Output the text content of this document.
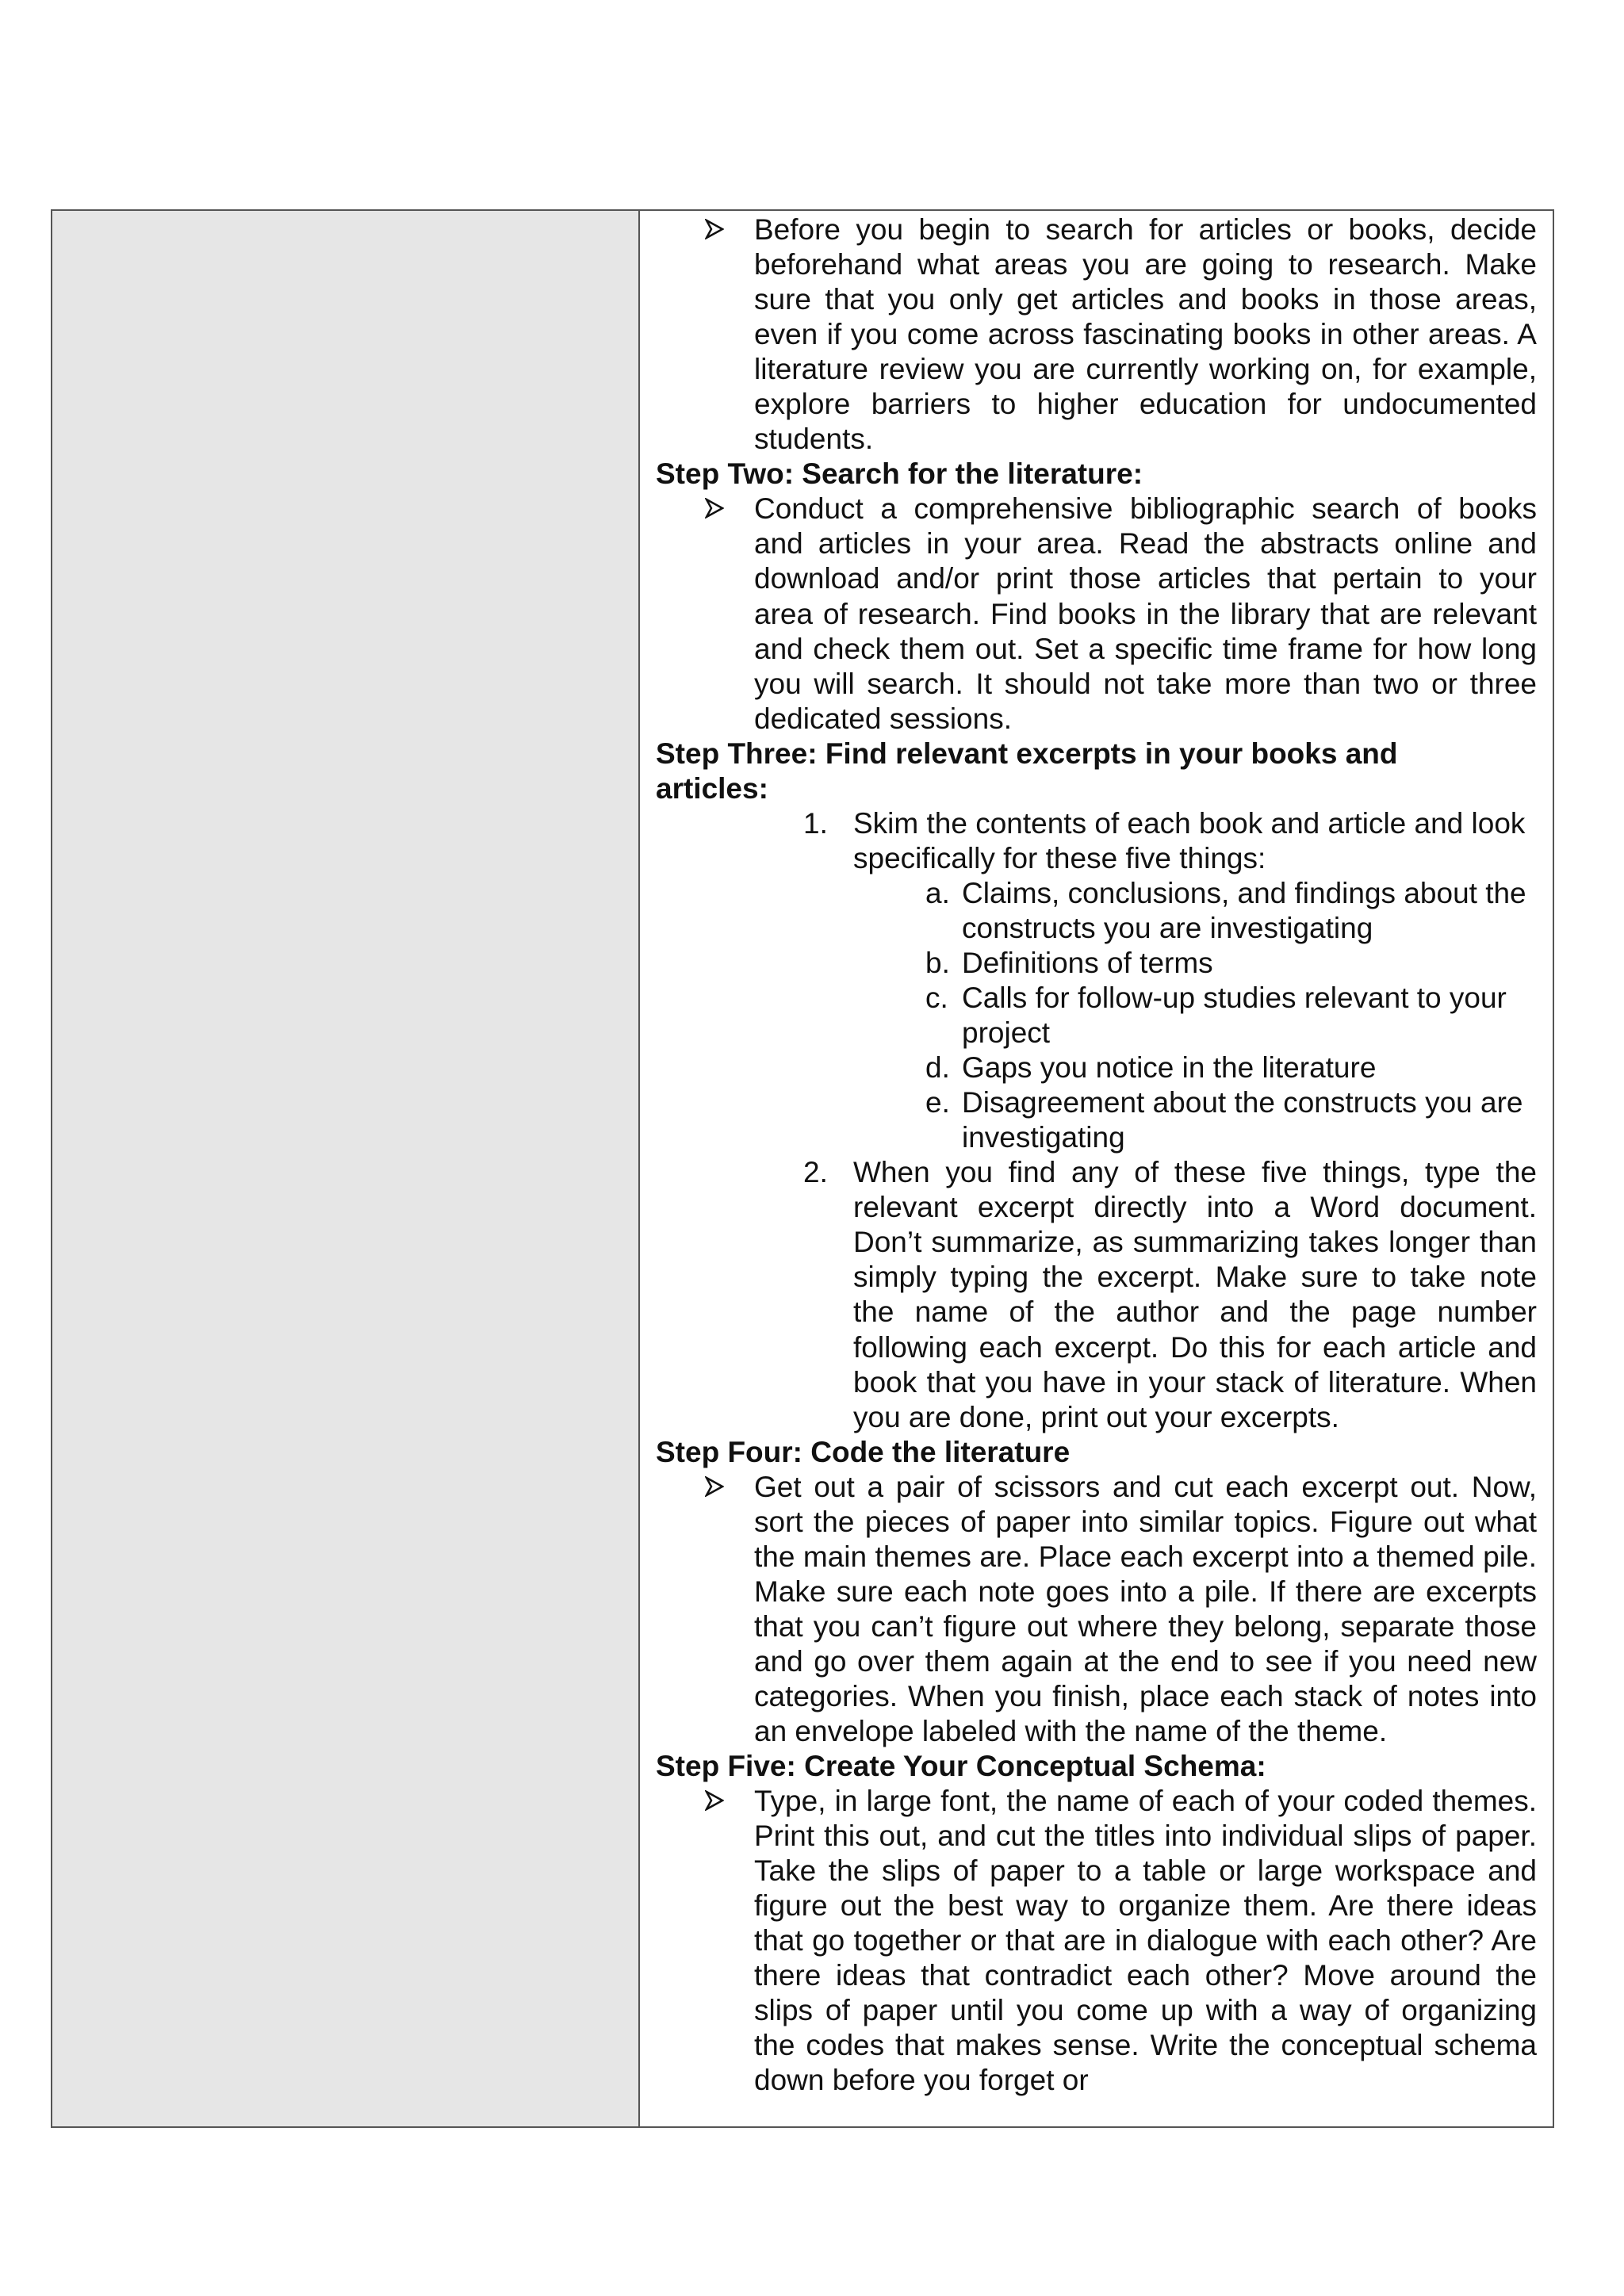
Before you begin to search for articles or books, decide beforehand what areas you are going to research. Make sure that you only get articles and books in those areas, even if you come across fascinating books in other areas. A literature review you are currently working on, for example, explore barriers to higher education for undocumented students.
Step Two: Search for the literature:
Conduct a comprehensive bibliographic search of books and articles in your area. Read the abstracts online and download and/or print those articles that pertain to your area of research. Find books in the library that are relevant and check them out. Set a specific time frame for how long you will search. It should not take more than two or three dedicated sessions.
Step Three: Find relevant excerpts in your books and articles:
1. Skim the contents of each book and article and look specifically for these five things:
a. Claims, conclusions, and findings about the constructs you are investigating
b. Definitions of terms
c. Calls for follow-up studies relevant to your project
d. Gaps you notice in the literature
e. Disagreement about the constructs you are investigating
2. When you find any of these five things, type the relevant excerpt directly into a Word document. Don’t summarize, as summarizing takes longer than simply typing the excerpt. Make sure to take note the name of the author and the page number following each excerpt. Do this for each article and book that you have in your stack of literature. When you are done, print out your excerpts.
Step Four: Code the literature
Get out a pair of scissors and cut each excerpt out. Now, sort the pieces of paper into similar topics. Figure out what the main themes are. Place each excerpt into a themed pile. Make sure each note goes into a pile. If there are excerpts that you can’t figure out where they belong, separate those and go over them again at the end to see if you need new categories. When you finish, place each stack of notes into an envelope labeled with the name of the theme.
Step Five: Create Your Conceptual Schema:
Type, in large font, the name of each of your coded themes. Print this out, and cut the titles into individual slips of paper. Take the slips of paper to a table or large workspace and figure out the best way to organize them. Are there ideas that go together or that are in dialogue with each other? Are there ideas that contradict each other? Move around the slips of paper until you come up with a way of organizing the codes that makes sense. Write the conceptual schema down before you forget or
